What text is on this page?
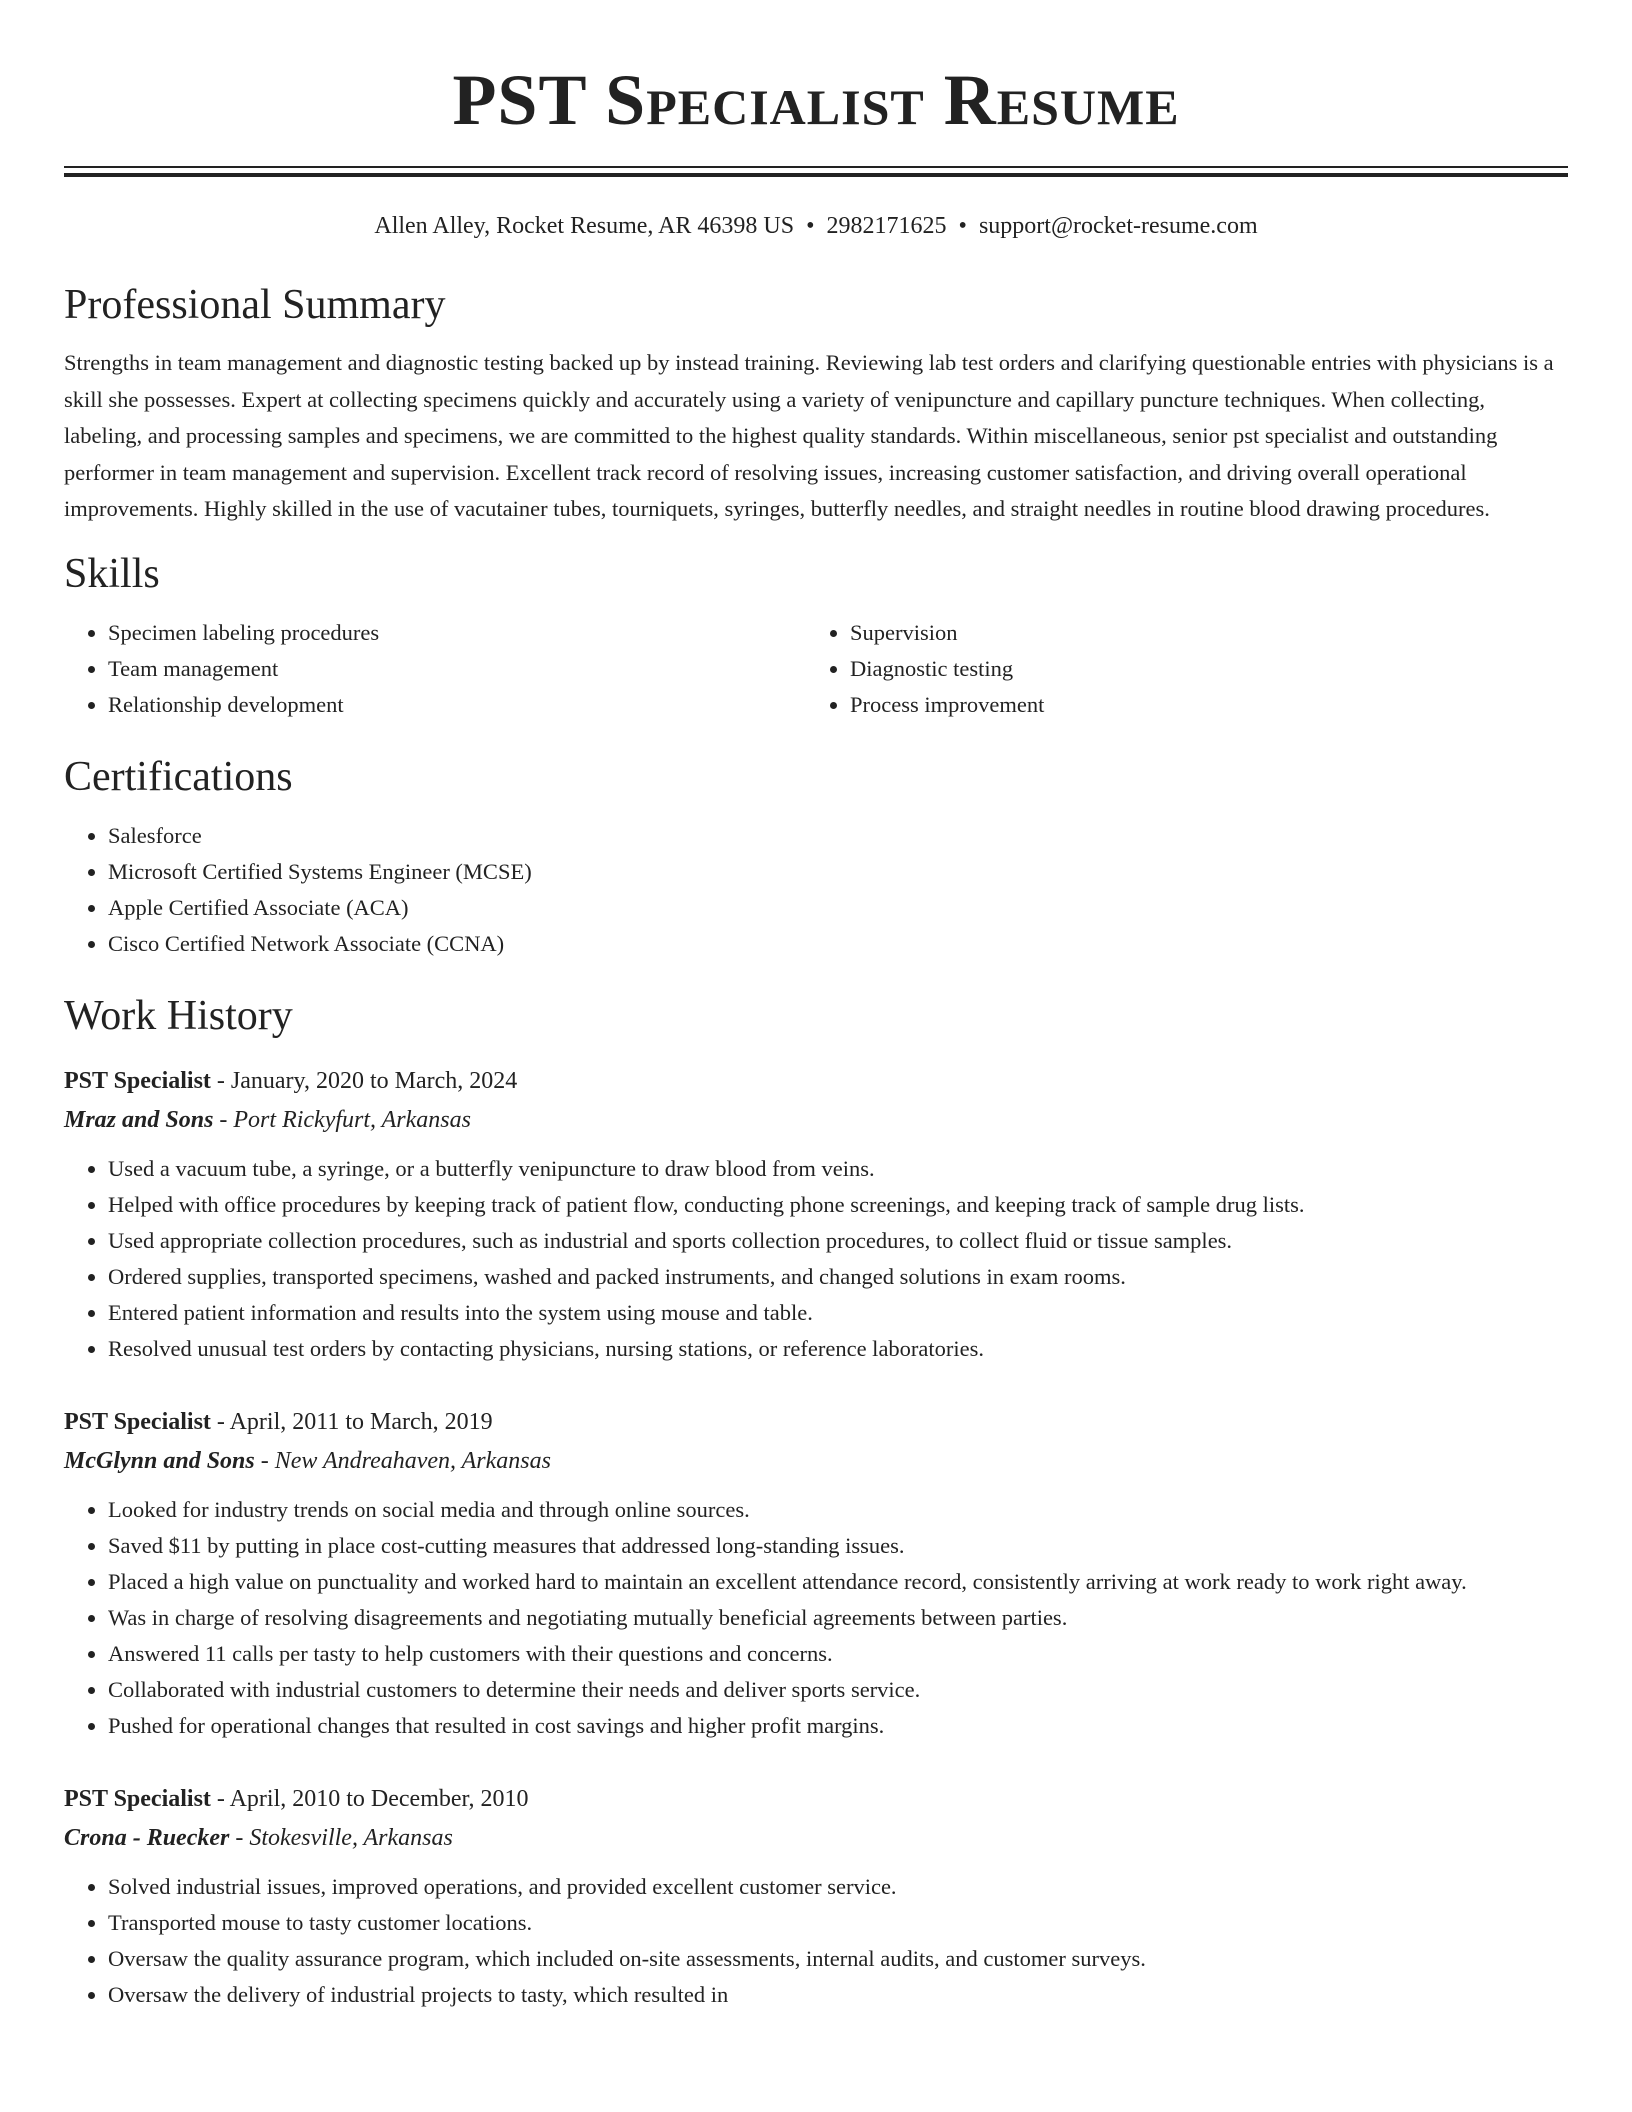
PST Specialist Resume
Allen Alley, Rocket Resume, AR 46398 US • 2982171625 • support@rocket-resume.com
Professional Summary

Strengths in team management and diagnostic testing backed up by instead training. Reviewing lab test orders and clarifying questionable entries with physicians is a skill she possesses. Expert at collecting specimens quickly and accurately using a variety of venipuncture and capillary puncture techniques. When collecting, labeling, and processing samples and specimens, we are committed to the highest quality standards. Within miscellaneous, senior pst specialist and outstanding performer in team management and supervision. Excellent track record of resolving issues, increasing customer satisfaction, and driving overall operational improvements. Highly skilled in the use of vacutainer tubes, tourniquets, syringes, butterfly needles, and straight needles in routine blood drawing procedures.

Skills
• Specimen labeling procedures
• Team management
• Relationship development
• Supervision
• Diagnostic testing
• Process improvement
Certifications
• Salesforce
• Microsoft Certified Systems Engineer (MCSE)
• Apple Certified Associate (ACA)
• Cisco Certified Network Associate (CCNA)
Work History
PST Specialist - January, 2020 to March, 2024
Mraz and Sons - Port Rickyfurt, Arkansas
• Used a vacuum tube, a syringe, or a butterfly venipuncture to draw blood from veins.
• Helped with office procedures by keeping track of patient flow, conducting phone screenings, and keeping track of sample drug lists.
• Used appropriate collection procedures, such as industrial and sports collection procedures, to collect fluid or tissue samples.
• Ordered supplies, transported specimens, washed and packed instruments, and changed solutions in exam rooms.
• Entered patient information and results into the system using mouse and table.
• Resolved unusual test orders by contacting physicians, nursing stations, or reference laboratories.
PST Specialist - April, 2011 to March, 2019
McGlynn and Sons - New Andreahaven, Arkansas
• Looked for industry trends on social media and through online sources.
• Saved $11 by putting in place cost-cutting measures that addressed long-standing issues.
• Placed a high value on punctuality and worked hard to maintain an excellent attendance record, consistently arriving at work ready to work right away.
• Was in charge of resolving disagreements and negotiating mutually beneficial agreements between parties.
• Answered 11 calls per tasty to help customers with their questions and concerns.
• Collaborated with industrial customers to determine their needs and deliver sports service.
• Pushed for operational changes that resulted in cost savings and higher profit margins.
PST Specialist - April, 2010 to December, 2010
Crona - Ruecker - Stokesville, Arkansas
• Solved industrial issues, improved operations, and provided excellent customer service.
• Transported mouse to tasty customer locations.
• Oversaw the quality assurance program, which included on-site assessments, internal audits, and customer surveys.
• Oversaw the delivery of industrial projects to tasty, which resulted in
